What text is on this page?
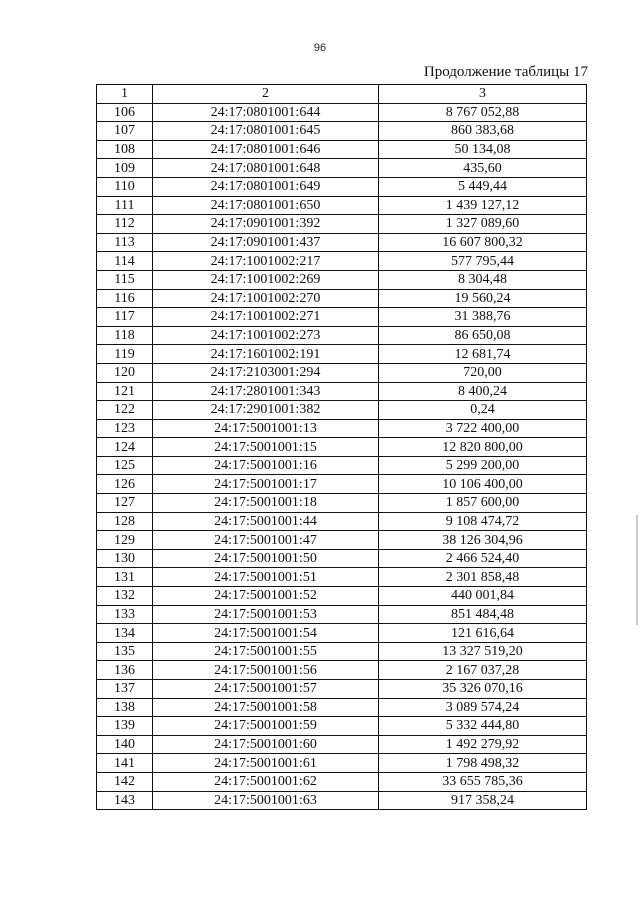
96
Продолжение таблицы 17
1	2	3
106	24:17:0801001:644	8 767 052,88
107	24:17:0801001:645	860 383,68
108	24:17:0801001:646	50 134,08
109	24:17:0801001:648	435,60
110	24:17:0801001:649	5 449,44
111	24:17:0801001:650	1 439 127,12
112	24:17:0901001:392	1 327 089,60
113	24:17:0901001:437	16 607 800,32
114	24:17:1001002:217	577 795,44
115	24:17:1001002:269	8 304,48
116	24:17:1001002:270	19 560,24
117	24:17:1001002:271	31 388,76
118	24:17:1001002:273	86 650,08
119	24:17:1601002:191	12 681,74
120	24:17:2103001:294	720,00
121	24:17:2801001:343	8 400,24
122	24:17:2901001:382	0,24
123	24:17:5001001:13	3 722 400,00
124	24:17:5001001:15	12 820 800,00
125	24:17:5001001:16	5 299 200,00
126	24:17:5001001:17	10 106 400,00
127	24:17:5001001:18	1 857 600,00
128	24:17:5001001:44	9 108 474,72
129	24:17:5001001:47	38 126 304,96
130	24:17:5001001:50	2 466 524,40
131	24:17:5001001:51	2 301 858,48
132	24:17:5001001:52	440 001,84
133	24:17:5001001:53	851 484,48
134	24:17:5001001:54	121 616,64
135	24:17:5001001:55	13 327 519,20
136	24:17:5001001:56	2 167 037,28
137	24:17:5001001:57	35 326 070,16
138	24:17:5001001:58	3 089 574,24
139	24:17:5001001:59	5 332 444,80
140	24:17:5001001:60	1 492 279,92
141	24:17:5001001:61	1 798 498,32
142	24:17:5001001:62	33 655 785,36
143	24:17:5001001:63	917 358,24
